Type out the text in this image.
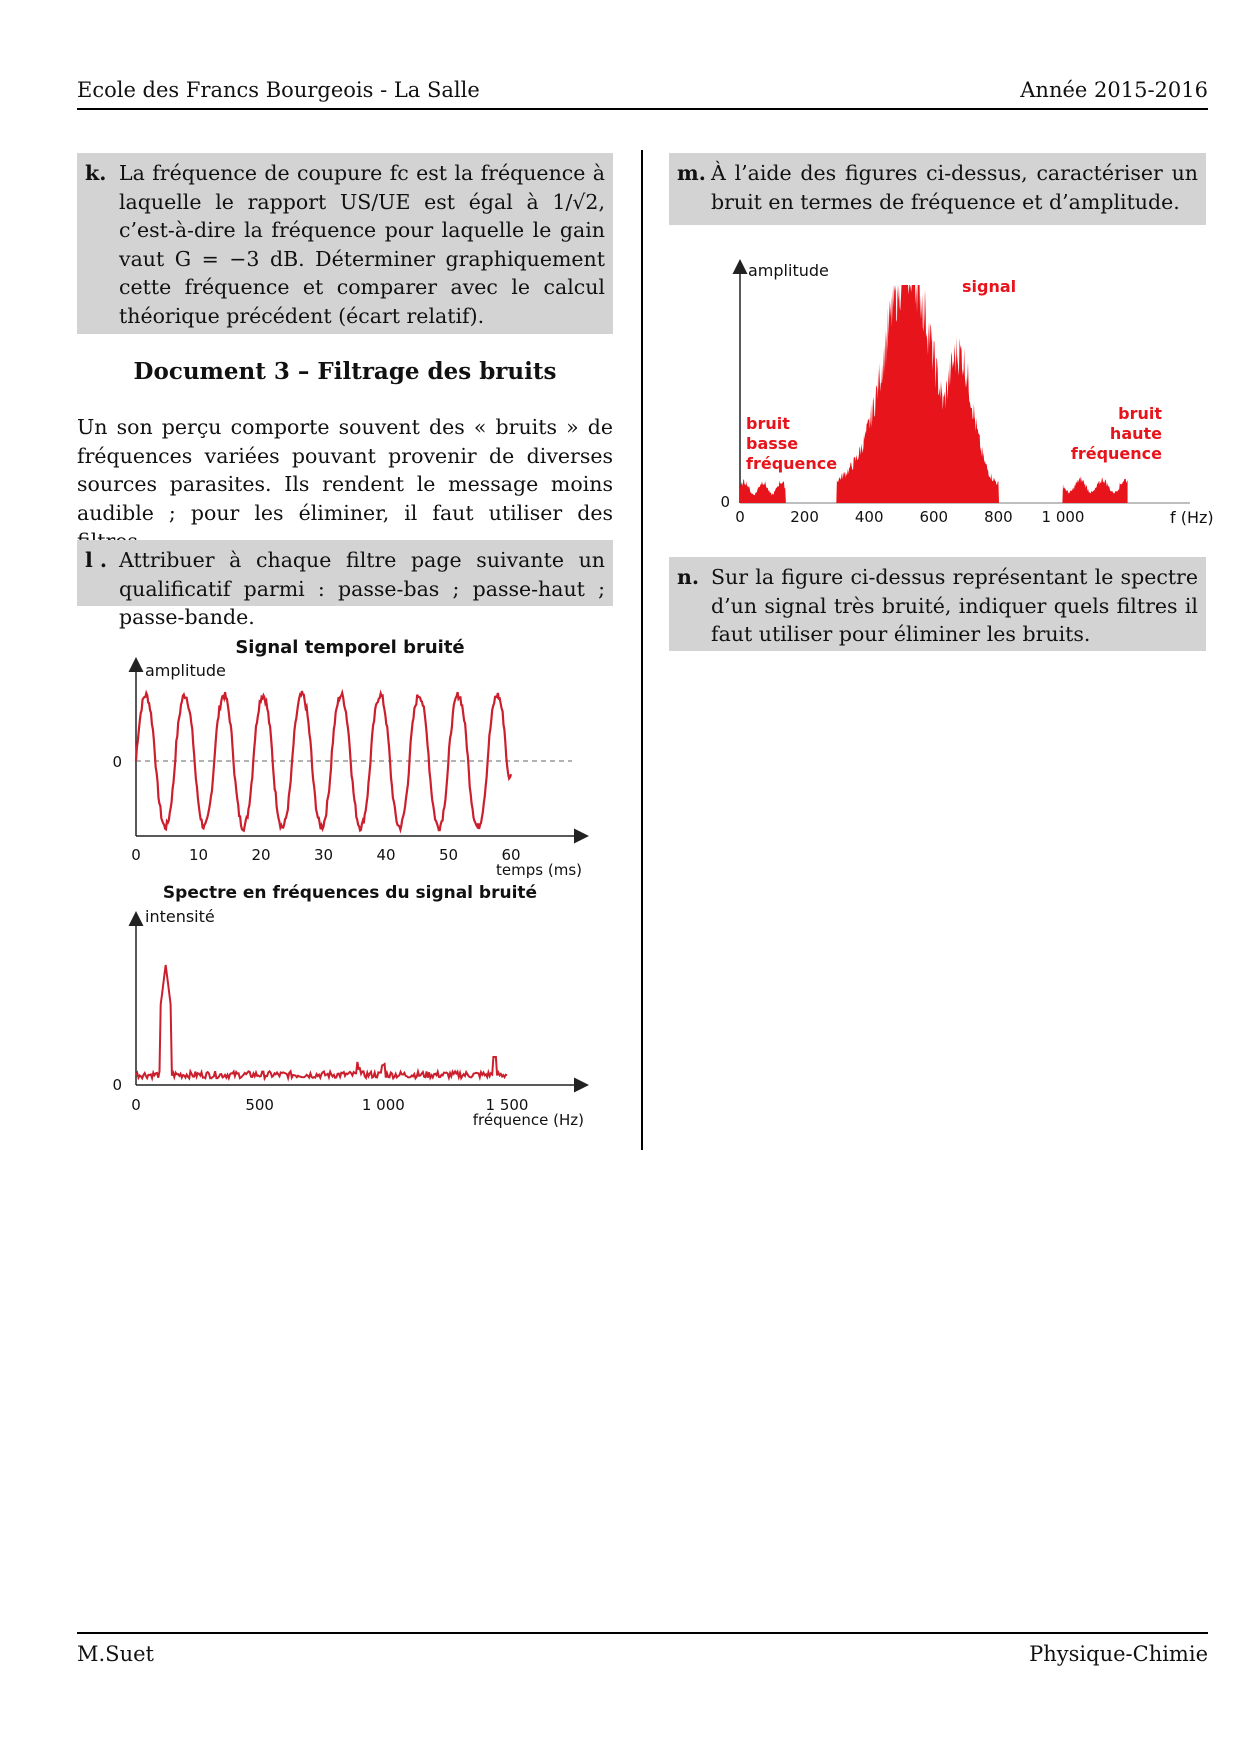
Ecole des Francs Bourgeois - La Salle	Année 2015-2016
k. La fréquence de coupure fc est la fréquence à laquelle le rapport US/UE est égal à 1/√2, c’est-à-dire la fréquence pour laquelle le gain vaut G = −3 dB. Déterminer graphiquement cette fréquence et comparer avec le calcul théorique précédent (écart relatif).
Document 3 – Filtrage des bruits
Un son perçu comporte souvent des « bruits » de fréquences variées pouvant provenir de diverses sources parasites. Ils rendent le message moins audible ; pour les éliminer, il faut utiliser des
l . Attribuer à chaque filtre page suivante un qualificatif parmi : passe-bas ; passe-haut ; passe-bande.
m. À l’aide des figures ci-dessus, caractériser un bruit en termes de fréquence et d’amplitude.
n. Sur la figure ci-dessus représentant le spectre d’un signal très bruité, indiquer quels filtres il faut utiliser pour éliminer les bruits.
Signal temporel bruité
amplitude
0
0	10	20	30	40	50	60
temps (ms)
Spectre en fréquences du signal bruité
intensité
0
0	500	1 000	1 500
fréquence (Hz)
amplitude
0
signal
bruit
basse
fréquence
bruit
haute
fréquence
0	200 400 600 800 1 000	f (Hz)
M.Suet	Physique-Chimie
